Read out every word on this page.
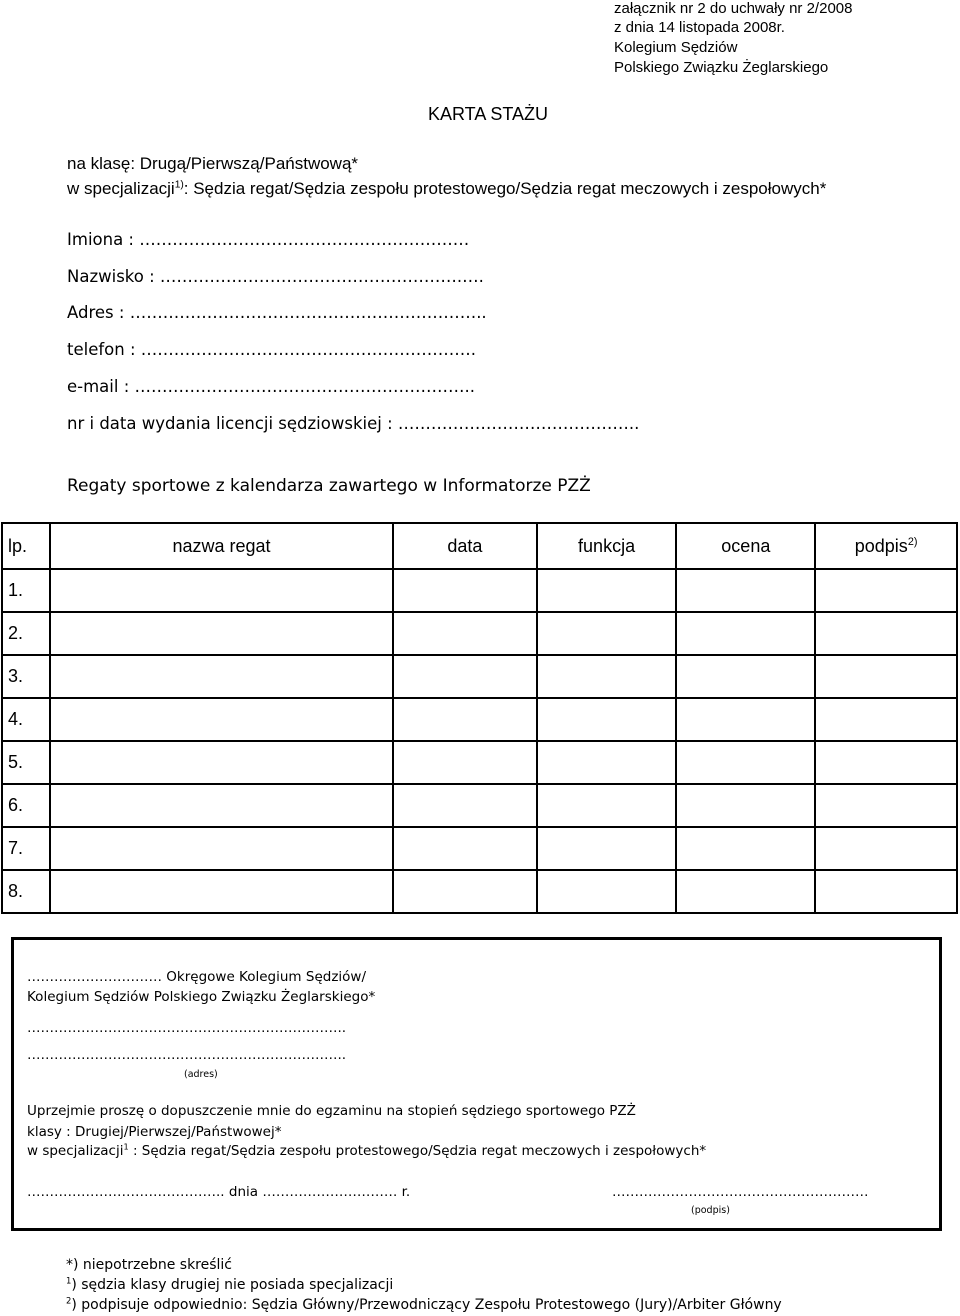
załącznik nr 2 do uchwały nr 2/2008
z dnia 14 listopada 2008r.
Kolegium Sędziów
Polskiego Związku Żeglarskiego
KARTA STAŻU
na klasę: Drugą/Pierwszą/Państwową*
w specjalizacji$^{1)}$: Sędzia regat/Sędzia zespołu protestowego/Sędzia regat meczowych i zespołowych*
Imiona : ……………………………………………………
Nazwisko : ……………………………………………….….
Adres : ………………………………………………………..
telefon : …………………………………………………….
e-mail : ……………………………………………………..
nr i data wydania licencji sędziowskiej : ……………………………………..
Regaty sportowe z kalendarza zawartego w Informatorze PZŻ
lp.	nazwa regat	data	funkcja	ocena	podpis$^{2)}$
1.					
2.					
3.					
4.					
5.					
6.					
7.					
8.					
………………………… Okręgowe Kolegium Sędziów/
Kolegium Sędziów Polskiego Związku Żeglarskiego*
……………………………………………………………..
……………………………………………………………..
(adres)
Uprzejmie proszę o dopuszczenie mnie do egzaminu na stopień sędziego sportowego PZŻ
klasy : Drugiej/Pierwszej/Państwowej*
w specjalizacji$^1$ : Sędzia regat/Sędzia zespołu protestowego/Sędzia regat meczowych i zespołowych*
…………………………………….. dnia ………………………… r.	…………………………………………………
(podpis)
*) niepotrzebne skreślić
$^1$) sędzia klasy drugiej nie posiada specjalizacji
$^2$) podpisuje odpowiednio: Sędzia Główny/Przewodniczący Zespołu Protestowego (Jury)/Arbiter Główny
